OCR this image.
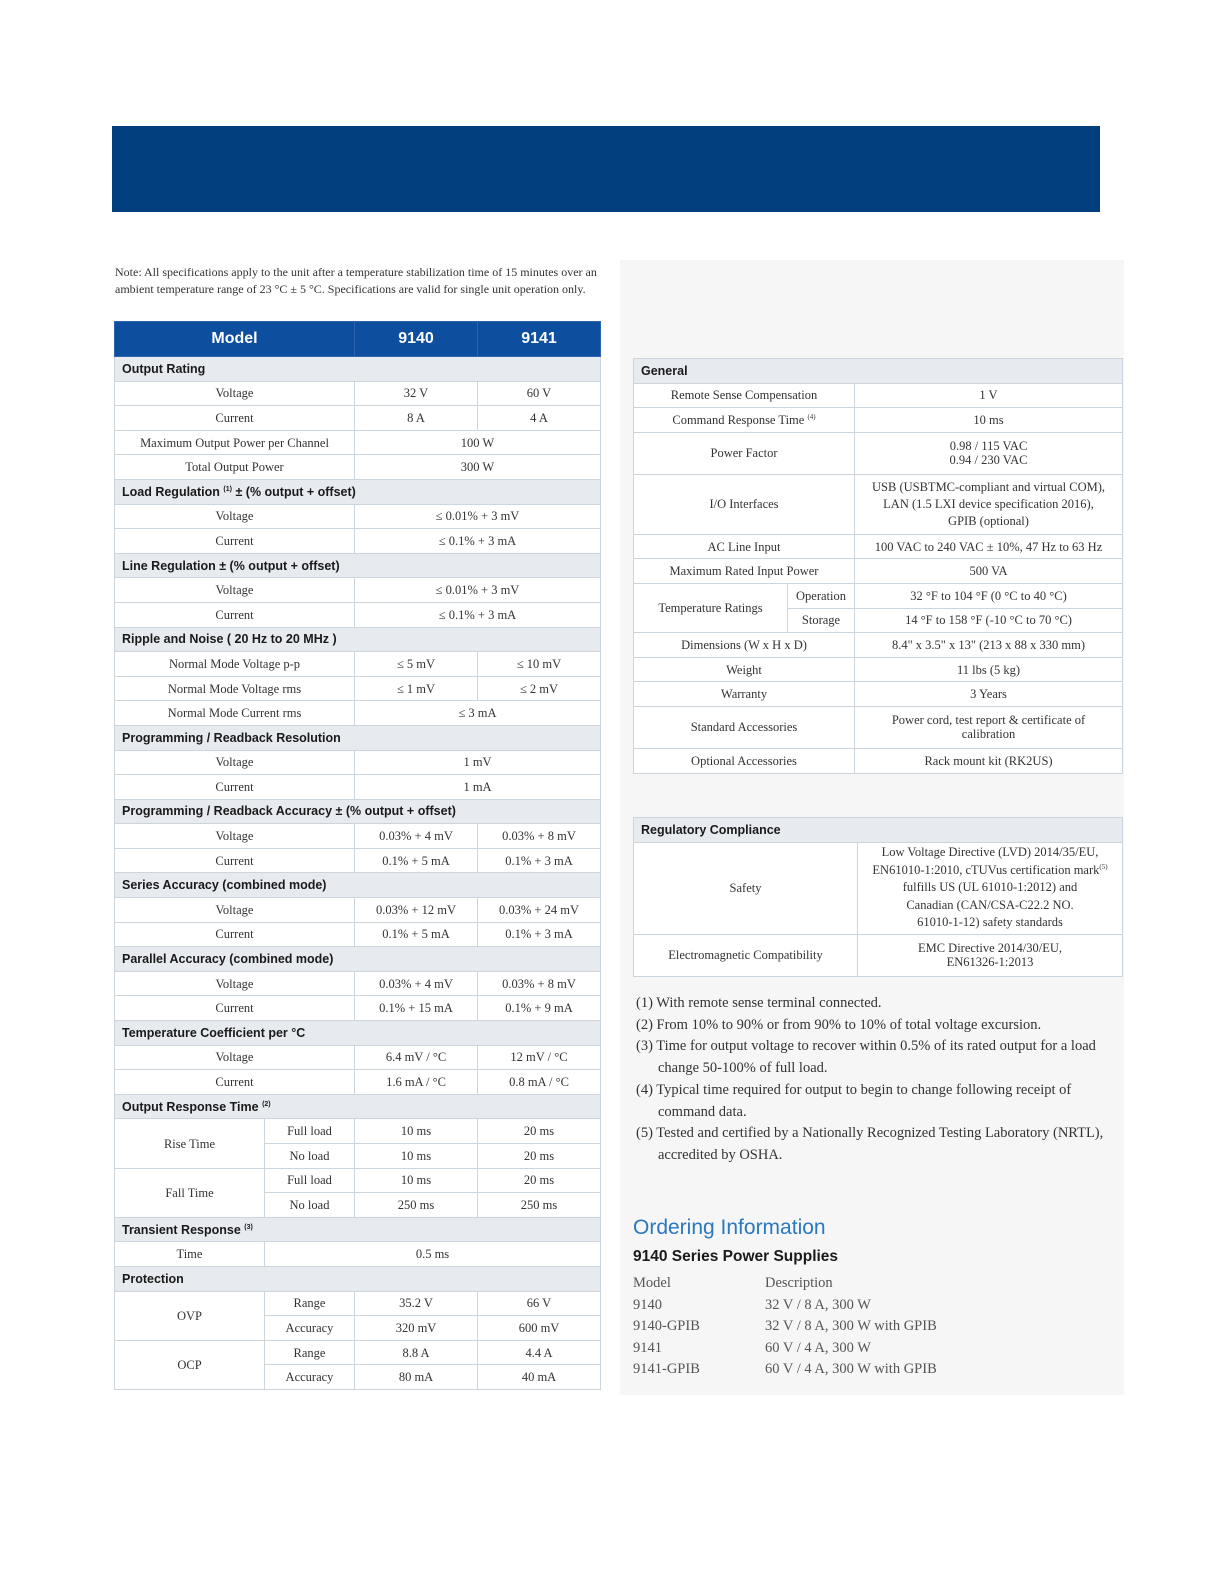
Note: All specifications apply to the unit after a temperature stabilization time of 15 minutes over an ambient temperature range of 23 °C ± 5 °C. Specifications are valid for single unit operation only.
Model		9140	9141
Output Rating			
Voltage		32 V	60 V
Current		8 A	4 A
Maximum Output Power per Channel		100 W	
Total Output Power		300 W	
Load Regulation $^{(1)}$ ± (% output + offset)			
Voltage		≤ 0.01% + 3 mV	
Current		≤ 0.1% + 3 mA	
Line Regulation ± (% output + offset)			
Voltage		≤ 0.01% + 3 mV	
Current		≤ 0.1% + 3 mA	
Ripple and Noise ( 20 Hz to 20 MHz )			
Normal Mode Voltage p-p		≤ 5 mV	≤ 10 mV
Normal Mode Voltage rms		≤ 1 mV	≤ 2 mV
Normal Mode Current rms		≤ 3 mA	
Programming / Readback Resolution			
Voltage		1 mV	
Current		1 mA	
Programming / Readback Accuracy ± (% output + offset)			
Voltage		0.03% + 4 mV	0.03% + 8 mV
Current		0.1% + 5 mA	0.1% + 3 mA
Series Accuracy (combined mode)			
Voltage		0.03% + 12 mV	0.03% + 24 mV
Current		0.1% + 5 mA	0.1% + 3 mA
Parallel Accuracy (combined mode)			
Voltage		0.03% + 4 mV	0.03% + 8 mV
Current		0.1% + 15 mA	0.1% + 9 mA
Temperature Coefficient per °C			
Voltage		6.4 mV / °C	12 mV / °C
Current		1.6 mA / °C	0.8 mA / °C
Output Response Time $^{(2)}$
Rise Time	Full load	10 ms	20 ms
	No load	10 ms	20 ms
Fall Time	Full load	10 ms	20 ms
	No load	250 ms	250 ms
Transient Response $^{(3)}$
Time	0.5 ms		
Protection			
OVP	Range	35.2 V	66 V
	Accuracy	320 mV	600 mV
OCP	Range	8.8 A	4.4 A
	Accuracy	80 mA	40 mA
General		
Remote Sense Compensation		1 V
Command Response Time $^{(4)}$		10 ms
Power Factor		0.98 / 115 VAC
0.94 / 230 VAC

I/O Interfaces		USB (USBTMC-compliant and virtual COM),
LAN (1.5 LXI device specification 2016),
GPIB (optional)

AC Line Input		100 VAC to 240 VAC ± 10%, 47 Hz to 63 Hz
Maximum Rated Input Power		500 VA
Temperature Ratings	Operation	32 °F to 104 °F (0 °C to 40 °C)
	Storage	14 °F to 158 °F (-10 °C to 70 °C)
Dimensions (W x H x D)		8.4" x 3.5" x 13" (213 x 88 x 330 mm)
Weight		11 lbs (5 kg)
Warranty		3 Years
Standard Accessories		Power cord, test report & certificate of
calibration

Optional Accessories		Rack mount kit (RK2US)
Regulatory Compliance	
Safety	Low Voltage Directive (LVD) 2014/35/EU,
EN61010-1:2010, cTUVus certification mark$^{(5)}$
fulfills US (UL 61010-1:2012) and
Canadian (CAN/CSA-C22.2 NO.
61010-1-12) safety standards

Electromagnetic Compatibility	EMC Directive 2014/30/EU,
EN61326-1:2013

(1) With remote sense terminal connected.

(2) From 10% to 90% or from 90% to 10% of total voltage excursion.

(3) Time for output voltage to recover within 0.5% of its rated output for a load change 50-100% of full load.

(4) Typical time required for output to begin to change following receipt of command data.

(5) Tested and certified by a Nationally Recognized Testing Laboratory (NRTL), accredited by OSHA.

Ordering Information
9140 Series Power Supplies
Model	Description
9140	32 V / 8 A, 300 W
9140-GPIB	32 V / 8 A, 300 W with GPIB
9141	60 V / 4 A, 300 W
9141-GPIB	60 V / 4 A, 300 W with GPIB
